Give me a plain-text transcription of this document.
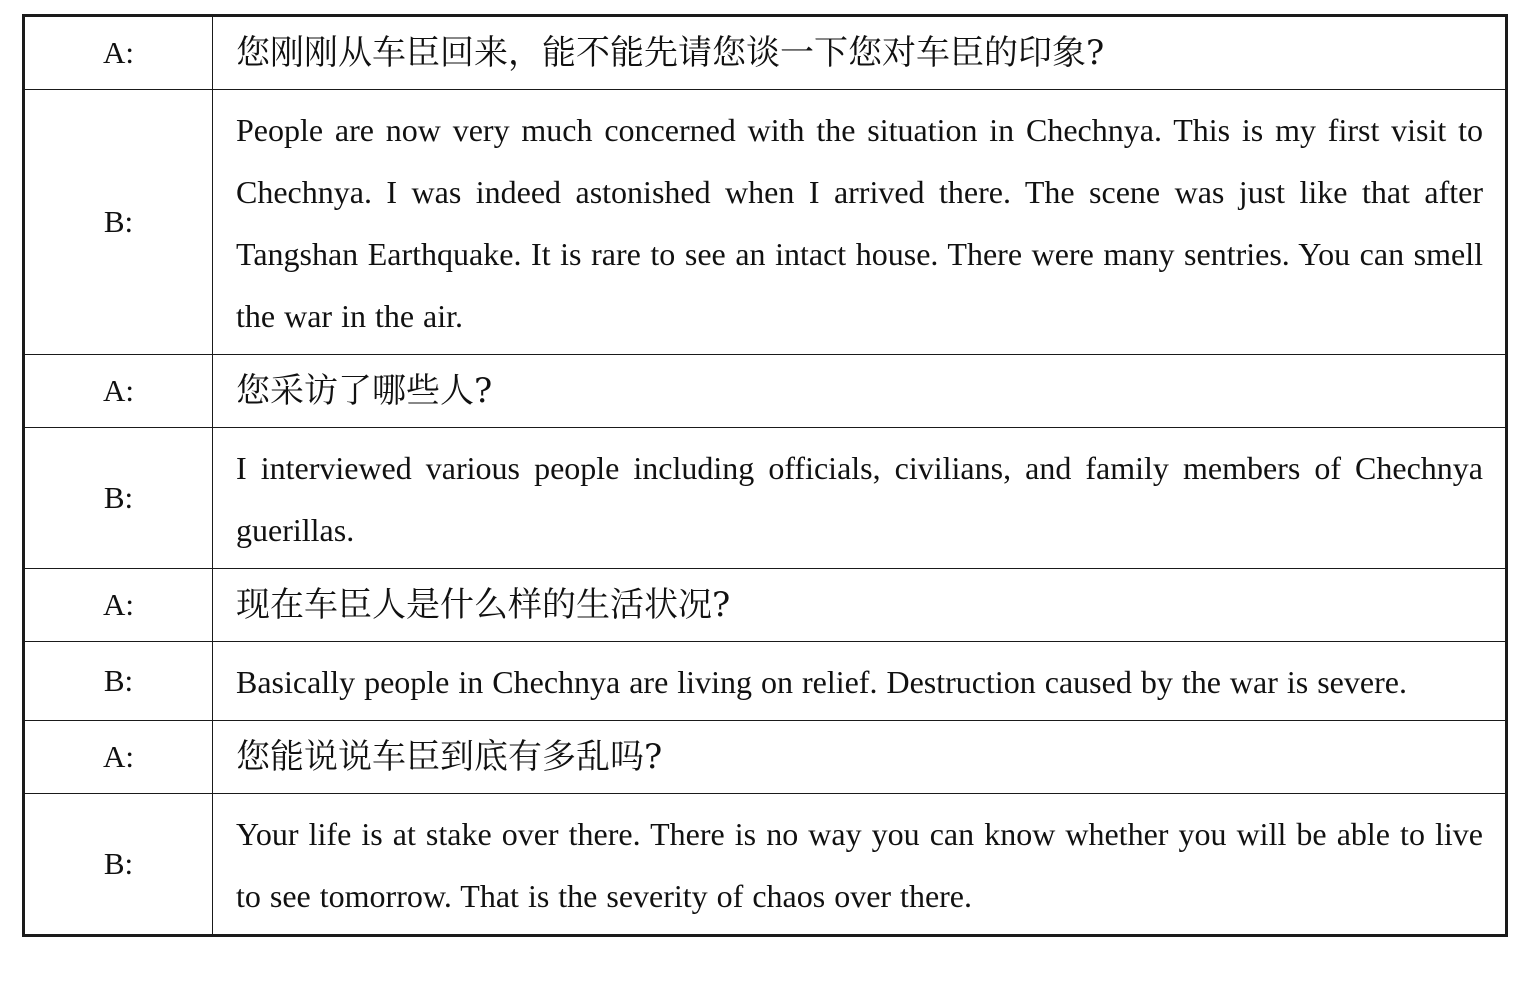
A:	您刚刚从车臣回来，能不能先请您谈一下您对车臣的印象?
B:	People are now very much concerned with the situation in Chechnya. This is my first visit to Chechnya. I was indeed astonished when I arrived there. The scene was just like that after Tangshan Earthquake. It is rare to see an intact house. There were many sentries. You can smell the war in the air.
A:	您采访了哪些人?
B:	I interviewed various people including officials, civilians, and family members of Chechnya guerillas.
A:	现在车臣人是什么样的生活状况?
B:	Basically people in Chechnya are living on relief. Destruction caused by the war is severe.
A:	您能说说车臣到底有多乱吗?
B:	Your life is at stake over there. There is no way you can know whether you will be able to live to see tomorrow. That is the severity of chaos over there.
